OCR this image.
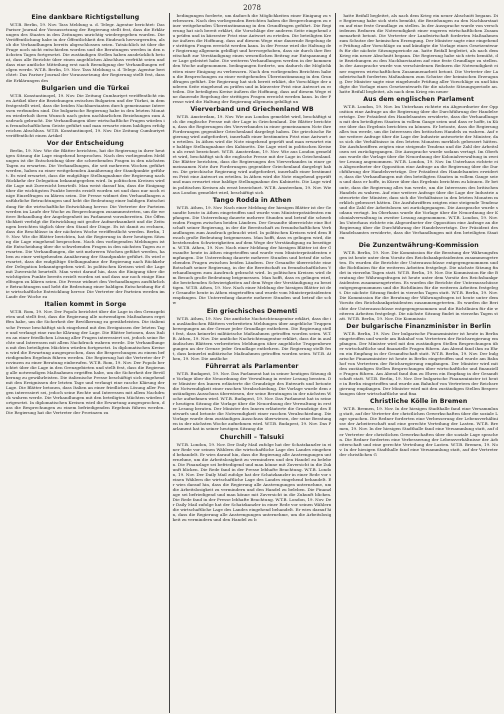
2078
Eine dankbare Richtigstellung

W.T.B. Berlin, 19. Nov. Tass Meldung u. d. Telegr. Agentur berichtet: Das Pariser Journal der Voraussetzung der Regierung stellt fest, dass die Erklärungen des Staates in den Zeitungen unrichtig wiedergegeben wurden. Die Veröffentlichung habe in der Öffentlichkeit den Eindruck hervorgerufen, als ob die Verhandlungen bereits abgeschlossen seien. Tatsächlich ist über die Frage noch nicht entschieden worden und die Beratungen werden in den nächsten Tagen fortgesetzt. Die zuständigen Stellen haben ausdrücklich betont, dass alle Berichte über einen angeblichen Abschluss verfrüht seien und dass eine amtliche Mitteilung erst nach Beendigung der Verhandlungen erfolgen werde. W.T.B. Berlin, 19. Nov. Tass Meldung u. d. Telegr. Agentur berichtet: Das Pariser Journal der Voraussetzung der Regierung stellt fest, dass die Erklärungen des

Bulgarien und die Türkei

W.T.B. Konstantinopel, 19. Nov. Die Zeitung Cumhuriyet veröffentlicht einen Artikel über die Beziehungen zwischen Bulgarien und der Türkei, in dem festgestellt wird, dass die beiden Nachbarstaaten durch gemeinsame Interessen verbunden sind. Die bulgarische Regierung habe in den letzten Monaten wiederholt ihren Wunsch nach guten nachbarlichen Beziehungen zum Ausdruck gebracht. Die Verhandlungen über wirtschaftliche Fragen würden in freundschaftlichem Geiste geführt und man erwarte einen baldigen erfolgreichen Abschluss. W.T.B. Konstantinopel, 19. Nov. Die Zeitung Cumhuriyet veröffentlicht einen Artikel

Vor der Entscheidung

Berlin, 19. Nov. Wie die Blätter berichten, hat die Regierung in ihrer heutigen Sitzung die Lage eingehend besprochen. Nach den vorliegenden Meldungen ist die Entscheidung über die schwebenden Fragen in den nächsten Tagen zu erwarten. Die Verhandlungen, die seit mehreren Wochen geführt werden, haben zu einer weitgehenden Annäherung der Standpunkte geführt. Es wird erwartet, dass die endgültige Stellungnahme der Regierung nach Rückkehr der Delegation bekanntgegeben wird. In politischen Kreisen wird die Lage mit Zuversicht beurteilt. Man weist darauf hin, dass die Einigung über die wichtigsten Punkte bereits erzielt worden sei und dass nur noch einige Einzelfragen zu klären seien. Die Presse widmet den Verhandlungen ausführliche Betrachtungen und hebt die Bedeutung einer baldigen Entscheidung für die wirtschaftliche Entwicklung hervor. Die Vertreter der Parteien werden im Laufe der Woche zu Besprechungen zusammentreten, um die weitere Behandlung der Angelegenheit im Parlament vorzubereiten. Die Öffentlichkeit verfolgt die Entwicklung mit großer Aufmerksamkeit und die Zeitungen berichten täglich über den Stand der Dinge. Es ist damit zu rechnen, dass die Beschlüsse in der nächsten Woche veröffentlicht werden. Berlin, 19. Nov. Wie die Blätter berichten, hat die Regierung in ihrer heutigen Sitzung die Lage eingehend besprochen. Nach den vorliegenden Meldungen ist die Entscheidung über die schwebenden Fragen in den nächsten Tagen zu erwarten. Die Verhandlungen, die seit mehreren Wochen geführt werden, haben zu einer weitgehenden Annäherung der Standpunkte geführt. Es wird erwartet, dass die endgültige Stellungnahme der Regierung nach Rückkehr der Delegation bekanntgegeben wird. In politischen Kreisen wird die Lage mit Zuversicht beurteilt. Man weist darauf hin, dass die Einigung über die wichtigsten Punkte bereits erzielt worden sei und dass nur noch einige Einzelfragen zu klären seien. Die Presse widmet den Verhandlungen ausführliche Betrachtungen und hebt die Bedeutung einer baldigen Entscheidung für die wirtschaftliche Entwicklung hervor. Die Vertreter der Parteien werden im Laufe der Woche zu

Italien kommt in Sorge

W.T.B. Rom, 19. Nov. Der Popolo berichtet über die Lage in den Grenzgebieten und stellt fest, dass die Regierung alle notwendigen Maßnahmen ergriffen habe, um die Sicherheit der Bevölkerung zu gewährleisten. Die italienische Presse beschäftigt sich eingehend mit den Ereignissen der letzten Tage und verlangt eine rasche Klärung der Lage. Die Blätter betonen, dass Italien an einer friedlichen Lösung aller Fragen interessiert sei, jedoch seine Rechte und Interessen mit allem Nachdruck wahren werde. Die Verhandlungen mit den beteiligten Mächten würden fortgesetzt. In diplomatischen Kreisen wird die Erwartung ausgesprochen, dass die Besprechungen zu einem befriedigenden Ergebnis führen werden. Die Regierung hat die Vertreter der Provinzen zu einer Beratung einberufen. W.T.B. Rom, 19. Nov. Der Popolo berichtet über die Lage in den Grenzgebieten und stellt fest, dass die Regierung alle notwendigen Maßnahmen ergriffen habe, um die Sicherheit der Bevölkerung zu gewährleisten. Die italienische Presse beschäftigt sich eingehend mit den Ereignissen der letzten Tage und verlangt eine rasche Klärung der Lage. Die Blätter betonen, dass Italien an einer friedlichen Lösung aller Fragen interessiert sei, jedoch seine Rechte und Interessen mit allem Nachdruck wahren werde. Die Verhandlungen mit den beteiligten Mächten würden fortgesetzt. In diplomatischen Kreisen wird die Erwartung ausgesprochen, dass die Besprechungen zu einem befriedigenden Ergebnis führen werden. Die Regierung hat die Vertreter der Provinzen zu

bedingungen forderte, um dadurch die Möglichkeiten einer Einigung zu verbessern. Nach den vorliegenden Berichten haben die Besprechungen zu einer weitgehenden Übereinstimmung in den Grundfragen geführt. Die Regierung hat sich bereit erklärt, die Vorschläge der anderen Seite eingehend zu prüfen und in kürzester Frist eine Antwort zu erteilen. Die beteiligten Kreise äußern die Hoffnung, dass auf diesem Wege eine dauernde Regelung der strittigen Fragen erreicht werden kann. In der Presse wird die Haltung der Regierung allgemein gebilligt und hervorgehoben, dass sie durch ihre Bereitschaft zur Verständigung einen wesentlichen Beitrag zur Entspannung der Lage geleistet habe. Die weiteren Verhandlungen werden in der kommenden Woche aufgenommen. bedingungen forderte, um dadurch die Möglichkeiten einer Einigung zu verbessern. Nach den vorliegenden Berichten haben die Besprechungen zu einer weitgehenden Übereinstimmung in den Grundfragen geführt. Die Regierung hat sich bereit erklärt, die Vorschläge der anderen Seite eingehend zu prüfen und in kürzester Frist eine Antwort zu erteilen. Die beteiligten Kreise äußern die Hoffnung, dass auf diesem Wege eine dauernde Regelung der strittigen Fragen erreicht werden kann. In der Presse wird die Haltung der Regierung allgemein gebilligt un

Vierverband und Griechenland WB

W.T.B. Amsterdam, 19. Nov. Wie aus London gemeldet wird, beschäftigt sich die englische Presse mit der Lage in Griechenland. Die Blätter berichten, dass die Regierungen des Vierverbandes in einer gemeinsamen Note ihre Forderungen gegenüber Griechenland dargelegt haben. Die griechische Regierung wird aufgefordert, innerhalb einer bestimmten Frist eine Antwort zu erteilen. In Athen wird die Note eingehend geprüft und man erwartet eine baldige Stellungnahme des Kabinetts. Die Lage wird in politischen Kreisen als ernst bezeichnet. W.T.B. Amsterdam, 19. Nov. Wie aus London gemeldet wird, beschäftigt sich die englische Presse mit der Lage in Griechenland. Die Blätter berichten, dass die Regierungen des Vierverbandes in einer gemeinsamen Note ihre Forderungen gegenüber Griechenland dargelegt haben. Die griechische Regierung wird aufgefordert, innerhalb einer bestimmten Frist eine Antwort zu erteilen. In Athen wird die Note eingehend geprüft und man erwartet eine baldige Stellungnahme des Kabinetts. Die Lage wird in politischen Kreisen als ernst bezeichnet. W.T.B. Amsterdam, 19. Nov. Wie aus London gemeldet wird, beschäftigt sich

Tango Rodda in Athen

W.T.B. Athen, 19. Nov. Nach einer Meldung der hiesigen Blätter ist der Gesandte heute in Athen eingetroffen und wurde vom Ministerpräsidenten empfangen. Die Unterredung dauerte mehrere Stunden und betraf die schwebenden Fragen zwischen beiden Ländern. Der Gesandte überreichte eine Botschaft seiner Regierung, in der die Bereitschaft zu freundschaftlichen Verhandlungen zum Ausdruck gebracht wird. In politischen Kreisen wird dem Besuch große Bedeutung beigemessen. Man hofft, dass es gelingen wird, die bestehenden Schwierigkeiten auf dem Wege der Verständigung zu beseitigen. W.T.B. Athen, 19. Nov. Nach einer Meldung der hiesigen Blätter ist der Gesandte heute in Athen eingetroffen und wurde vom Ministerpräsidenten empfangen. Die Unterredung dauerte mehrere Stunden und betraf die schwebenden Fragen zwischen beiden Ländern. Der Gesandte überreichte eine Botschaft seiner Regierung, in der die Bereitschaft zu freundschaftlichen Verhandlungen zum Ausdruck gebracht wird. In politischen Kreisen wird dem Besuch große Bedeutung beigemessen. Man hofft, dass es gelingen wird, die bestehenden Schwierigkeiten auf dem Wege der Verständigung zu beseitigen. W.T.B. Athen, 19. Nov. Nach einer Meldung der hiesigen Blätter ist der Gesandte heute in Athen eingetroffen und wurde vom Ministerpräsidenten empfangen. Die Unterredung dauerte mehrere Stunden und betraf die schw

Ein griechisches Dementi

W.T.B. Athen, 19. Nov. Die amtliche Nachrichtenagentur erklärt, dass die in ausländischen Blättern verbreiteten Meldungen über angebliche Truppenbewegungen an der Grenze jeder Grundlage entbehren. Die Regierung stellt fest, dass keinerlei militärische Maßnahmen getroffen worden seien. W.T.B. Athen, 19. Nov. Die amtliche Nachrichtenagentur erklärt, dass die in ausländischen Blättern verbreiteten Meldungen über angebliche Truppenbewegungen an der Grenze jeder Grundlage entbehren. Die Regierung stellt fest, dass keinerlei militärische Maßnahmen getroffen worden seien. W.T.B. Athen, 19. Nov. Die amtliche

Führerrat als Parlamenter

W.T.B. Budapest, 19. Nov. Das Parlament hat in seiner heutigen Sitzung die Vorlage über die Neuordnung der Verwaltung in erster Lesung beraten. Der Minister des Innern erläuterte die Grundzüge des Entwurfs und betonte die Notwendigkeit einer raschen Verabschiedung. Die Vorlage wurde dem zuständigen Ausschuss überwiesen, der seine Beratungen in der nächsten Woche aufnehmen wird. W.T.B. Budapest, 19. Nov. Das Parlament hat in seiner heutigen Sitzung die Vorlage über die Neuordnung der Verwaltung in erster Lesung beraten. Der Minister des Innern erläuterte die Grundzüge des Entwurfs und betonte die Notwendigkeit einer raschen Verabschiedung. Die Vorlage wurde dem zuständigen Ausschuss überwiesen, der seine Beratungen in der nächsten Woche aufnehmen wird. W.T.B. Budapest, 19. Nov. Das Parlament hat in seiner heutigen Sitzung die

Churchill – Talsuki

W.T.B. London, 19. Nov. Der Daily Mail zufolge hat der Schatzkanzler in einer Rede vor seinen Wählern die wirtschaftliche Lage des Landes eingehend behandelt. Er wies darauf hin, dass die Regierung alle Anstrengungen unternehme, um die Arbeitslosigkeit zu vermindern und den Handel zu beleben. Die Finanzlage sei befriedigend und man könne mit Zuversicht in die Zukunft blicken. Die Rede fand in der Presse lebhafte Beachtung. W.T.B. London, 19. Nov. Der Daily Mail zufolge hat der Schatzkanzler in einer Rede vor seinen Wählern die wirtschaftliche Lage des Landes eingehend behandelt. Er wies darauf hin, dass die Regierung alle Anstrengungen unternehme, um die Arbeitslosigkeit zu vermindern und den Handel zu beleben. Die Finanzlage sei befriedigend und man könne mit Zuversicht in die Zukunft blicken. Die Rede fand in der Presse lebhafte Beachtung. W.T.B. London, 19. Nov. Der Daily Mail zufolge hat der Schatzkanzler in einer Rede vor seinen Wählern die wirtschaftliche Lage des Landes eingehend behandelt. Er wies darauf hin, dass die Regierung alle Anstrengungen unternehme, um die Arbeitslosigkeit zu vermindern und den Handel zu b

hatte Beifall begleitet, als nach dem Krieg ein neuer Abschnitt begann. Die Regierung habe sich stets bemüht, die Beziehungen zu den Nachbarstaaten auf eine feste Grundlage zu stellen. In der Aussprache wurde von verschiedenen Rednern die Notwendigkeit einer engeren wirtschaftlichen Zusammenarbeit betont. Die Vertreter der Landwirtschaft forderten Maßnahmen zum Schutze der heimischen Erzeugung. Der Minister sagte eine eingehende Prüfung aller Vorschläge zu und kündigte die Vorlage eines Gesetzentwurfs für die nächste Sitzungsperiode an. hatte Beifall begleitet, als nach dem Krieg ein neuer Abschnitt begann. Die Regierung habe sich stets bemüht, die Beziehungen zu den Nachbarstaaten auf eine feste Grundlage zu stellen. In der Aussprache wurde von verschiedenen Rednern die Notwendigkeit einer engeren wirtschaftlichen Zusammenarbeit betont. Die Vertreter der Landwirtschaft forderten Maßnahmen zum Schutze der heimischen Erzeugung. Der Minister sagte eine eingehende Prüfung aller Vorschläge zu und kündigte die Vorlage eines Gesetzentwurfs für die nächste Sitzungsperiode an. hatte Beifall begleitet, als nach dem Krieg ein neuer

Aus dem englischen Parlament

W.T.B. London, 19. Nov. Im Unterhaus richtete ein Abgeordneter der Opposition eine Anfrage an die Regierung über die Durchführung der Handelsverträge. Der Präsident des Handelsamtes erwiderte, dass die Verhandlungen mit den beteiligten Staaten in vollem Gange seien und dass er hoffe, in Kürze über das Ergebnis berichten zu können. Er betonte, dass die Regierung alles tun werde, um die Interessen des britischen Handels zu wahren. Auf eine weitere Anfrage über die Lage der Industrie antwortete der Minister, dass sich die Verhältnisse in den letzten Monaten merklich gebessert hätten. Die Ausfuhrziffern zeigten eine steigende Tendenz und die Zahl der Arbeitslosen sei zurückgegangen. Die Aussprache wurde sodann vertagt. Im Oberhaus wurde die Vorlage über die Neuordnung der Kolonialverwaltung in zweiter Lesung angenommen. W.T.B. London, 19. Nov. Im Unterhaus richtete ein Abgeordneter der Opposition eine Anfrage an die Regierung über die Durchführung der Handelsverträge. Der Präsident des Handelsamtes erwiderte, dass die Verhandlungen mit den beteiligten Staaten in vollem Gange seien und dass er hoffe, in Kürze über das Ergebnis berichten zu können. Er betonte, dass die Regierung alles tun werde, um die Interessen des britischen Handels zu wahren. Auf eine weitere Anfrage über die Lage der Industrie antwortete der Minister, dass sich die Verhältnisse in den letzten Monaten merklich gebessert hätten. Die Ausfuhrziffern zeigten eine steigende Tendenz und die Zahl der Arbeitslosen sei zurückgegangen. Die Aussprache wurde sodann vertagt. Im Oberhaus wurde die Vorlage über die Neuordnung der Kolonialverwaltung in zweiter Lesung angenommen. W.T.B. London, 19. Nov. Im Unterhaus richtete ein Abgeordneter der Opposition eine Anfrage an die Regierung über die Durchführung der Handelsverträge. Der Präsident des Handelsamtes erwiderte, dass die Verhandlungen mit den beteiligten Staaten

Die Zunzentwährung-Kommission

W.T.B. Berlin, 19. Nov. Die Kommission für die Beratung der Währungsfragen ist heute unter dem Vorsitz des Reichsbankpräsidenten zusammengetreten. Es wurden die Berichte der Unterausschüsse entgegengenommen und die Richtlinien für die weiteren Arbeiten festgelegt. Die nächste Sitzung findet in vierzehn Tagen statt. W.T.B. Berlin, 19. Nov. Die Kommission für die Beratung der Währungsfragen ist heute unter dem Vorsitz des Reichsbankpräsidenten zusammengetreten. Es wurden die Berichte der Unterausschüsse entgegengenommen und die Richtlinien für die weiteren Arbeiten festgelegt. Die nächste Sitzung findet in vierzehn Tagen statt. W.T.B. Berlin, 19. Nov. Die Kommission für die Beratung der Währungsfragen ist heute unter dem Vorsitz des Reichsbankpräsidenten zusammengetreten. Es wurden die Berichte der Unterausschüsse entgegengenommen und die Richtlinien für die weiteren Arbeiten festgelegt. Die nächste Sitzung findet in vierzehn Tagen statt. W.T.B. Berlin, 19. Nov. Die Kommissio

Der bulgarische Finanzminister in Berlin

W.T.B. Berlin, 19. Nov. Der bulgarische Finanzminister ist heute in Berlin eingetroffen und wurde am Bahnhof von Vertretern der Reichsregierung empfangen. Der Minister wird mit den zuständigen Stellen Besprechungen über wirtschaftliche und finanzielle Fragen führen. Am Abend fand ihm zu Ehren ein Empfang in der Gesandtschaft statt. W.T.B. Berlin, 19. Nov. Der bulgarische Finanzminister ist heute in Berlin eingetroffen und wurde am Bahnhof von Vertretern der Reichsregierung empfangen. Der Minister wird mit den zuständigen Stellen Besprechungen über wirtschaftliche und finanzielle Fragen führen. Am Abend fand ihm zu Ehren ein Empfang in der Gesandtschaft statt. W.T.B. Berlin, 19. Nov. Der bulgarische Finanzminister ist heute in Berlin eingetroffen und wurde am Bahnhof von Vertretern der Reichsregierung empfangen. Der Minister wird mit den zuständigen Stellen Besprechungen über wirtschaftliche und fina

Christliche Kölle in Bremen

W.T.B. Bremen, 19. Nov. In der hiesigen Stadthalle fand eine Versammlung statt, auf der Vertreter der christlichen Gewerkschaften über die soziale Lage sprachen. Die Redner forderten eine Verbesserung der Lebensverhältnisse der Arbeiterschaft und eine gerechte Verteilung der Lasten. W.T.B. Bremen, 19. Nov. In der hiesigen Stadthalle fand eine Versammlung statt, auf der Vertreter der christlichen Gewerkschaften über die soziale Lage sprachen. Die Redner forderten eine Verbesserung der Lebensverhältnisse der Arbeiterschaft und eine gerechte Verteilung der Lasten. W.T.B. Bremen, 19. Nov. In der hiesigen Stadthalle fand eine Versammlung statt, auf der Vertreter der christlichen G
